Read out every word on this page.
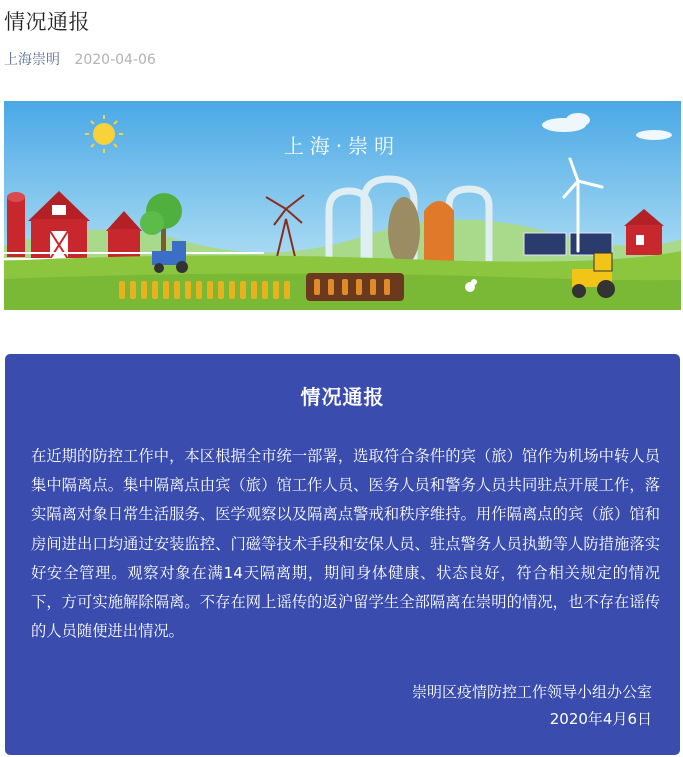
情况通报
上海崇明 2020-04-06
上海·崇明
情况通报

在近期的防控工作中，本区根据全市统一部署，选取符合条件的宾（旅）馆作为机场中转人员集中隔离点。集中隔离点由宾（旅）馆工作人员、医务人员和警务人员共同驻点开展工作，落实隔离对象日常生活服务、医学观察以及隔离点警戒和秩序维持。用作隔离点的宾（旅）馆和房间进出口均通过安装监控、门磁等技术手段和安保人员、驻点警务人员执勤等人防措施落实好安全管理。观察对象在满14天隔离期，期间身体健康、状态良好，符合相关规定的情况下，方可实施解除隔离。不存在网上谣传的返沪留学生全部隔离在崇明的情况，也不存在谣传的人员随便进出情况。

崇明区疫情防控工作领导小组办公室
2020年4月6日
